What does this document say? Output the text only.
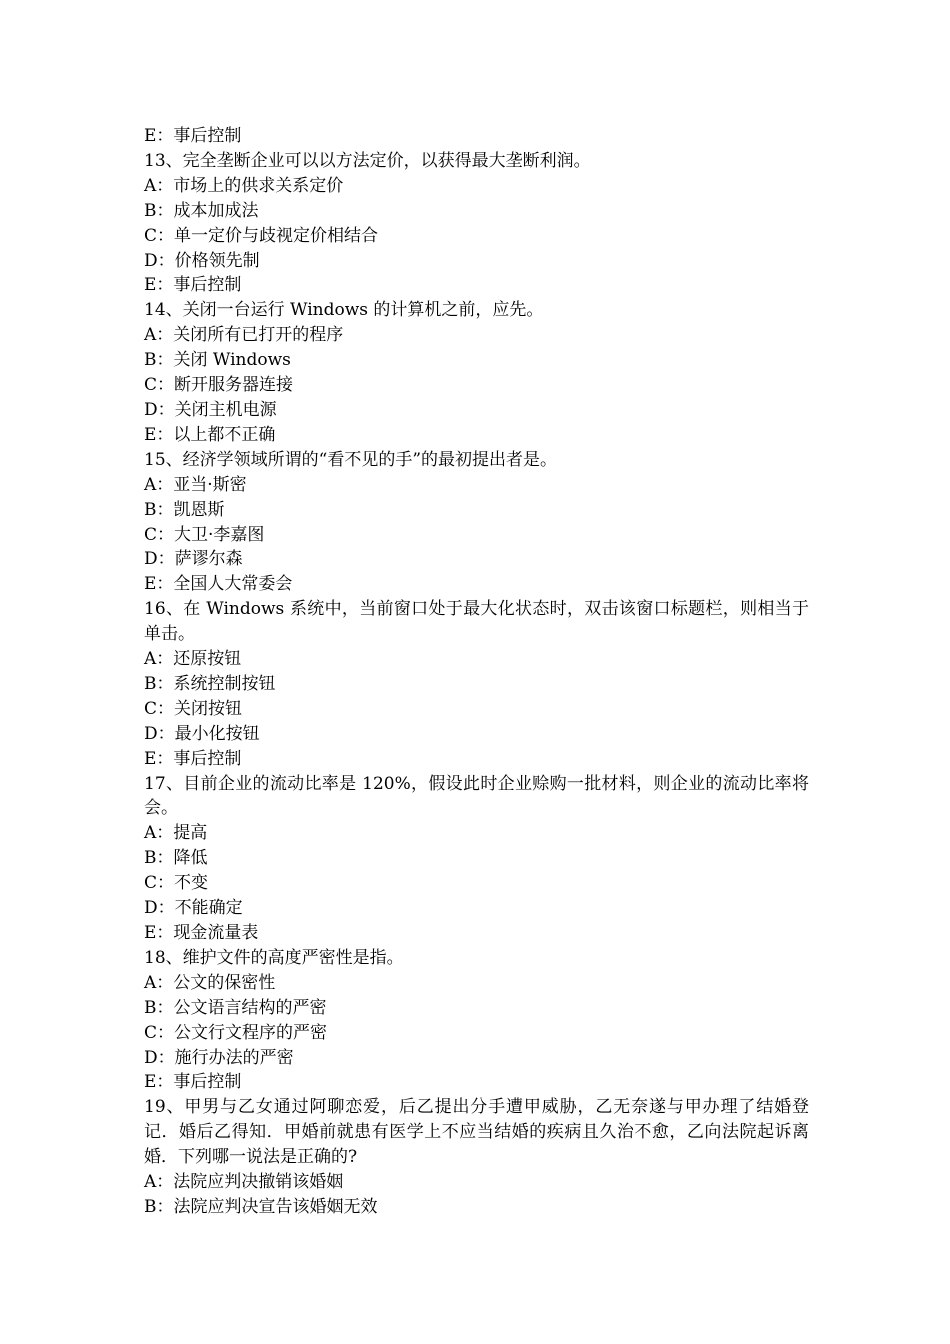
E：事后控制

13、完全垄断企业可以以方法定价，以获得最大垄断利润。

A：市场上的供求关系定价

B：成本加成法

C：单一定价与歧视定价相结合

D：价格领先制

E：事后控制

14、关闭一台运行 Windows 的计算机之前，应先。

A：关闭所有已打开的程序

B：关闭 Windows

C：断开服务器连接

D：关闭主机电源

E：以上都不正确

15、经济学领域所谓的“看不见的手”的最初提出者是。

A：亚当·斯密

B：凯恩斯

C：大卫·李嘉图

D：萨谬尔森

E：全国人大常委会

16、在 Windows 系统中，当前窗口处于最大化状态时，双击该窗口标题栏，则相当于单击。

A：还原按钮

B：系统控制按钮

C：关闭按钮

D：最小化按钮

E：事后控制

17、目前企业的流动比率是 120%，假设此时企业赊购一批材料，则企业的流动比率将会。

A：提高

B：降低

C：不变

D：不能确定

E：现金流量表

18、维护文件的高度严密性是指。

A：公文的保密性

B：公文语言结构的严密

C：公文行文程序的严密

D：施行办法的严密

E：事后控制

19、甲男与乙女通过阿聊恋爱，后乙提出分手遭甲威胁，乙无奈遂与甲办理了结婚登记．婚后乙得知．甲婚前就患有医学上不应当结婚的疾病且久治不愈，乙向法院起诉离婚．下列哪一说法是正确的?

A：法院应判决撤销该婚姻

B：法院应判决宣告该婚姻无效
